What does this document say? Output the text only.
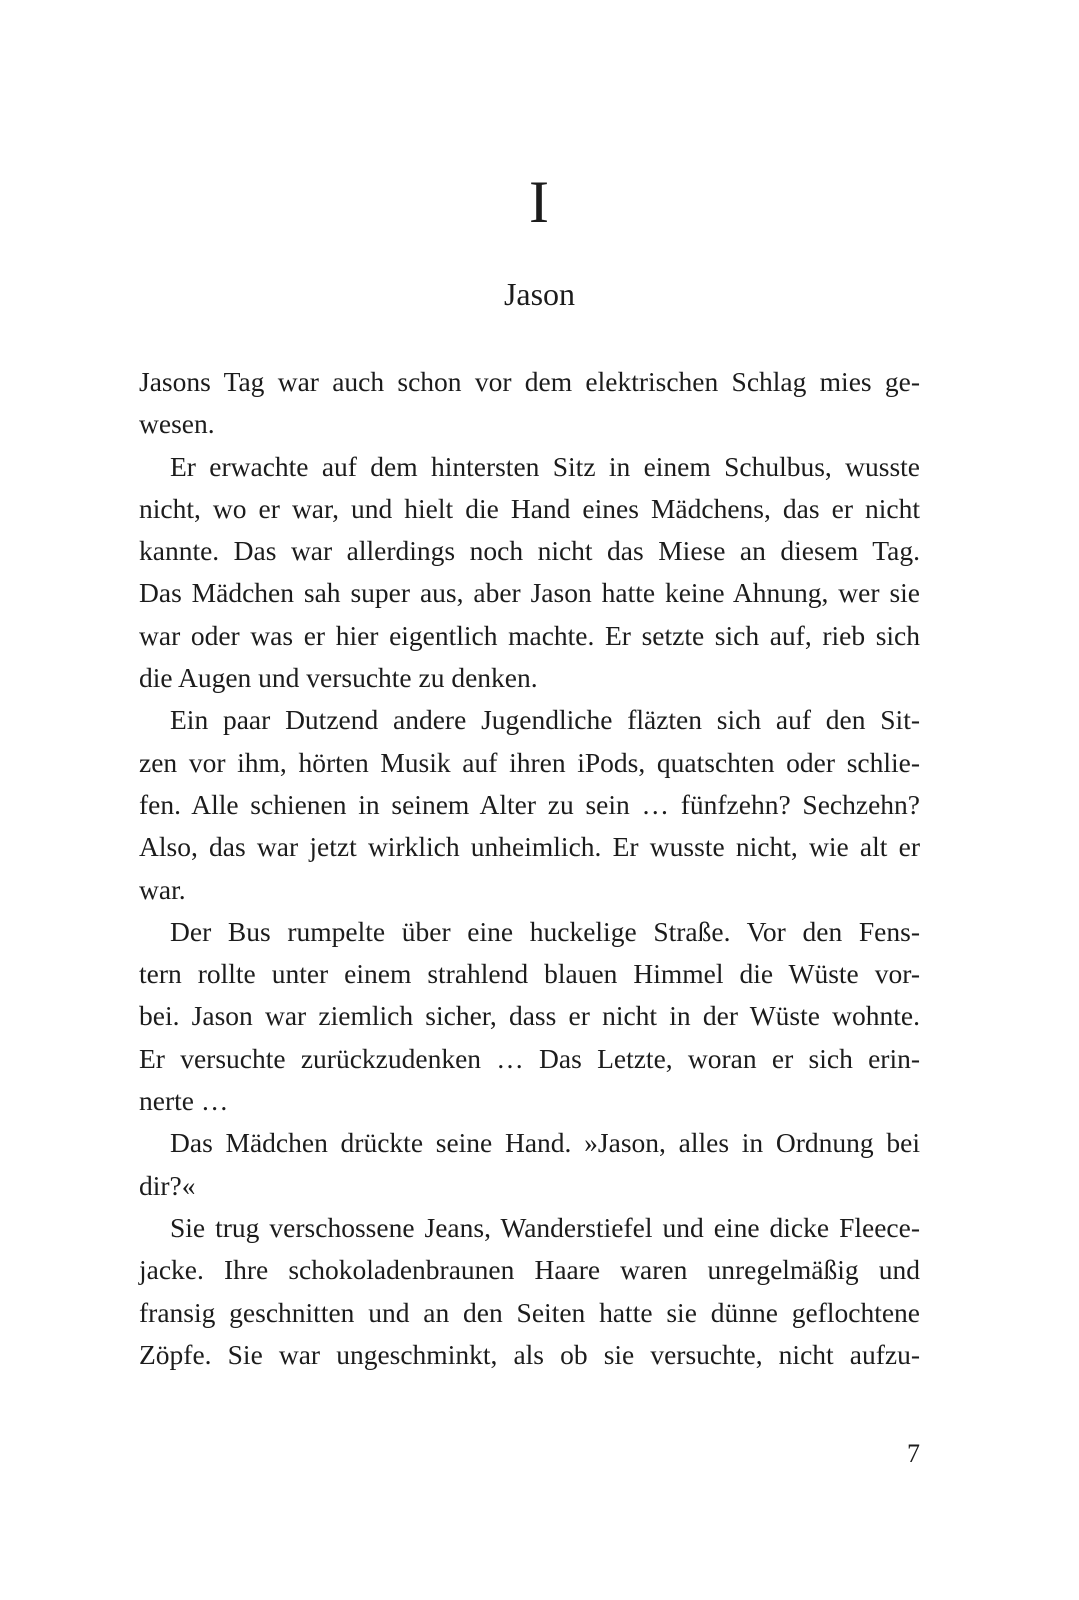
I
Jason
Jasons Tag war auch schon vor dem elektrischen Schlag mies ge-
wesen.
Er erwachte auf dem hintersten Sitz in einem Schulbus, wusste
nicht, wo er war, und hielt die Hand eines Mädchens, das er nicht
kannte. Das war allerdings noch nicht das Miese an diesem Tag.
Das Mädchen sah super aus, aber Jason hatte keine Ahnung, wer sie
war oder was er hier eigentlich machte. Er setzte sich auf, rieb sich
die Augen und versuchte zu denken.
Ein paar Dutzend andere Jugendliche fläzten sich auf den Sit-
zen vor ihm, hörten Musik auf ihren iPods, quatschten oder schlie-
fen. Alle schienen in seinem Alter zu sein … fünfzehn? Sechzehn?
Also, das war jetzt wirklich unheimlich. Er wusste nicht, wie alt er
war.
Der Bus rumpelte über eine huckelige Straße. Vor den Fens-
tern rollte unter einem strahlend blauen Himmel die Wüste vor-
bei. Jason war ziemlich sicher, dass er nicht in der Wüste wohnte.
Er versuchte zurückzudenken … Das Letzte, woran er sich erin-
nerte …
Das Mädchen drückte seine Hand. »Jason, alles in Ordnung bei
dir?«
Sie trug verschossene Jeans, Wanderstiefel und eine dicke Fleece-
jacke. Ihre schokoladenbraunen Haare waren unregelmäßig und
fransig geschnitten und an den Seiten hatte sie dünne geflochtene
Zöpfe. Sie war ungeschminkt, als ob sie versuchte, nicht aufzu-
7
